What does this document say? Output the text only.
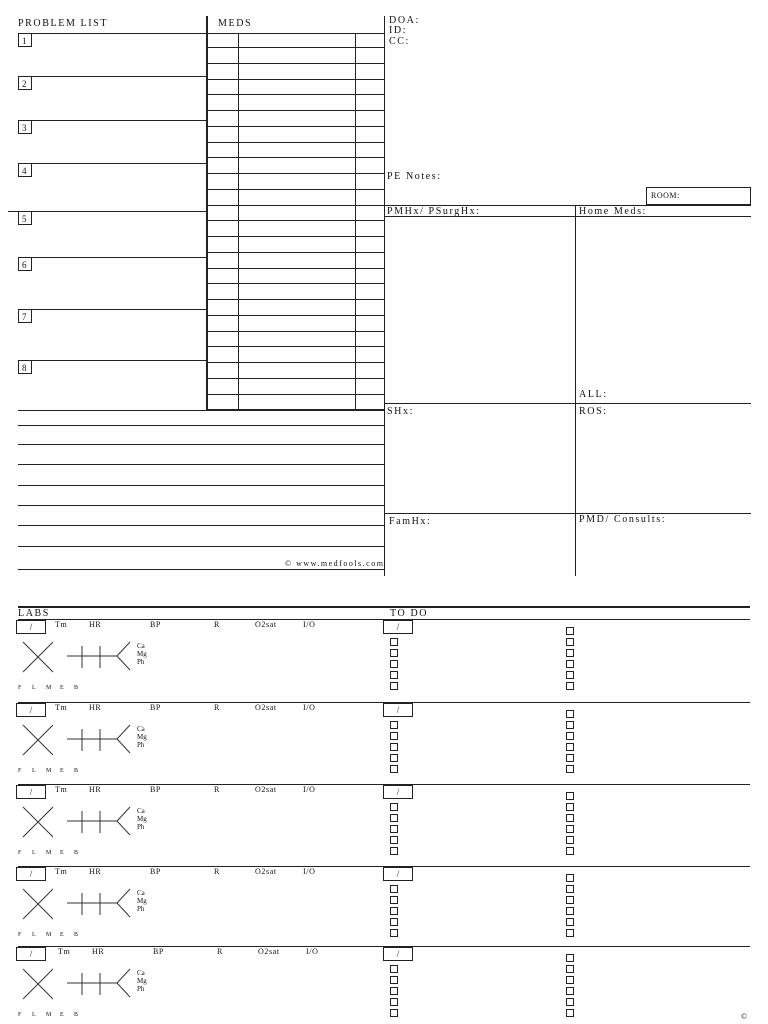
PROBLEM LIST	MEDS
1
2
3
4
5
6
7
8
© www.medfools.com
DOA:
ID:
CC:
PE Notes:
ROOM:
PMHx/ PSurgHx:	Home Meds:
ALL:
SHx:	ROS:
FamHx:	PMD/ Consults:
LABS	TO DO
/	Tm	HR	BP	R	O2sat	I/O
Ca
Mg
Ph
F L M E B
/
/	Tm	HR	BP	R	O2sat	I/O
Ca
Mg
Ph
F L M E B
/
/	Tm	HR	BP	R	O2sat	I/O
Ca
Mg
Ph
F L M E B
/
/	Tm	HR	BP	R	O2sat	I/O
Ca
Mg
Ph
F L M E B
/
/	Tm	HR	BP	R	O2sat	I/O
Ca
Mg
Ph
F L M E B
/
©
